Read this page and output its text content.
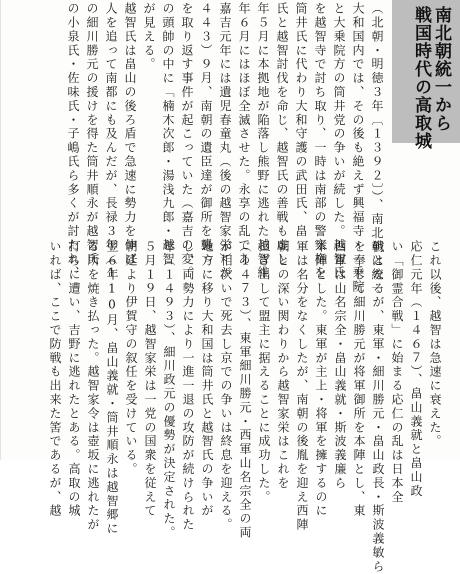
南北朝統一から
戦国時代の高取城
（北朝・明徳３年〔１３９２〕）、南北朝は統一
大和国内では、その後も絶えず興福寺・一乗院
と大乗院方の筒井党の争いが続した。越智氏
を越智寺で討ち取り、一時は南部の警察権を
筒井氏に代わり大和守護の武田氏、畠
氏と越智討伐を命じ、越智氏の善戦も虚し
年５月に本拠地が陥落し熊野に逃れた越智維
年６月にはほぼ全滅させた。永享の乱であ
嘉吉元年には遺児春童丸（後の越智家栄）が
４４３）９月、南朝の遺臣達が御所を襲っ
を取り返す事件が起こっていた（嘉吉の変。
の頭帥の中に「楠木次郎・湯浅九郎・越智
が見える。
越智氏は畠山の後ろ盾で急速に勢力を伸ば
人を追って南都にも及んだが、長禄３年（１
の細川勝元の援けを得た筒井順永が越智氏
の小泉氏・佐味氏・子嶋氏ら多くが討たれ、
これ以後、越智は急速に衰えた。
応仁元年（１４６７）、畠山義就と畠山政
い「御霊合戦」に始まる応仁の乱は日本全
戦となるが、東軍・細川勝元・畠山政長・斯波義敏ら
を奉じて細川勝元が将軍御所を本陣とし、東
西軍は山名宗全・畠山義就・斯波義廉ら
本陣とした。東軍が主上・将軍を擁するのに
軍は名分をなくしたが、南朝の後胤を迎え西陣
朝との深い関わりから越智家栄はこれを
担ぎ出して盟主に据えることに成功した。
（１４７３）、東軍細川勝元・西軍山名宗全の両
が相次いで死去し京での争いは終息を迎える。
地方に移り大和国は筒井氏と越智氏の争いが
し、両勢力により一進一退の攻防が続けられた
年（１４９３）、細川政元の優勢が決定された。
５月１９日、越智家栄は一党の国衆を従えて
朝廷より伊賀守の叙任を受けている。
翌６年10月、畠山義就・筒井順永は越智郷に
る所を焼き払った。越智家令は壺坂に逃れたが
打ちに遭い、吉野に逃れたとある。高取の城
いれば、ここで防戦も出来た筈であるが、越
